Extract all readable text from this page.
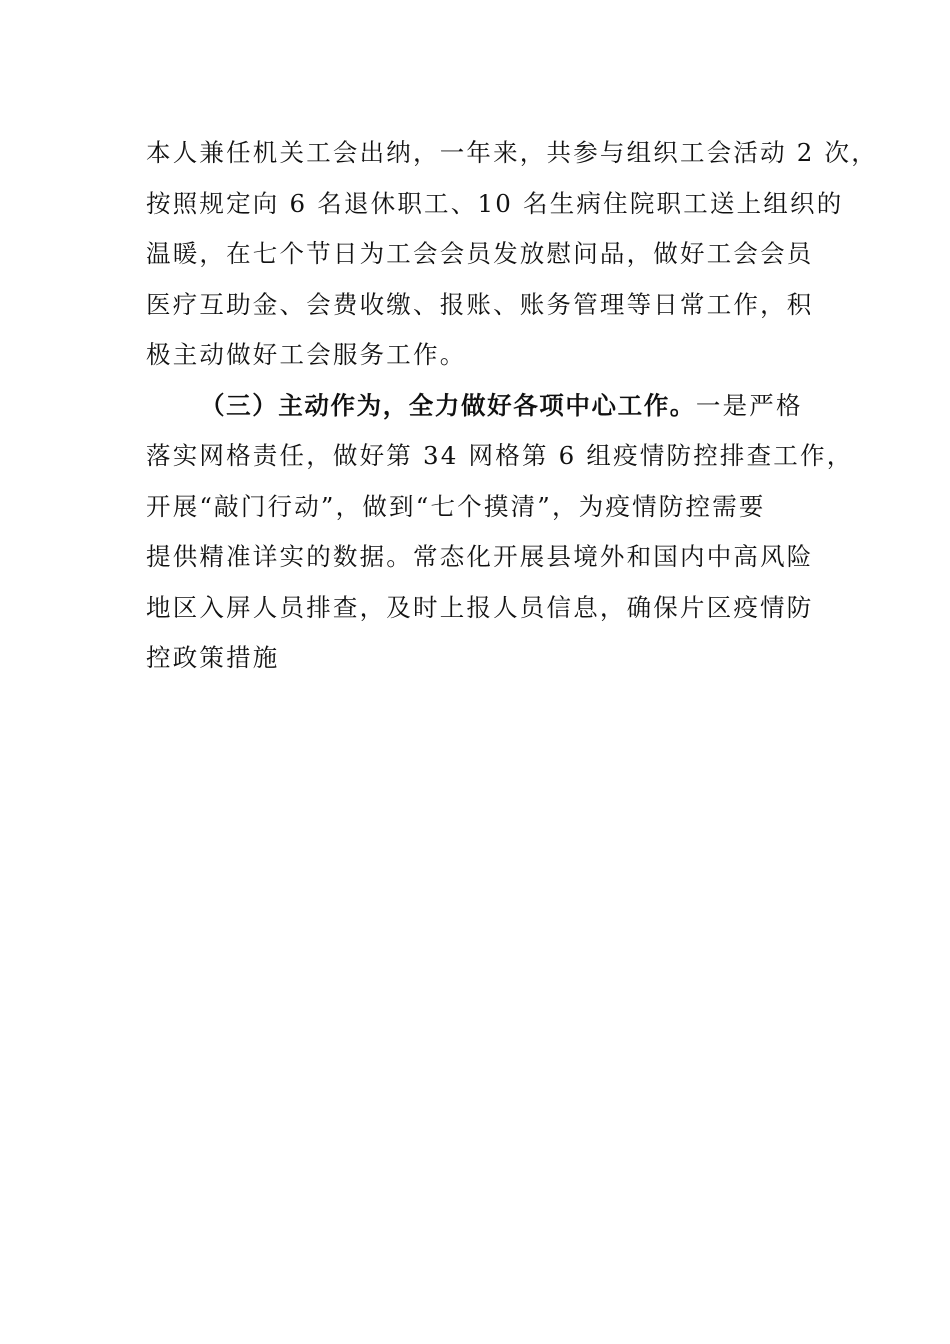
本人兼任机关工会出纳，一年来，共参与组织工会活动 2 次，
按照规定向 6 名退休职工、10 名生病住院职工送上组织的
温暖，在七个节日为工会会员发放慰问品，做好工会会员
医疗互助金、会费收缴、报账、账务管理等日常工作，积
极主动做好工会服务工作。
（三）主动作为，全力做好各项中心工作。一是严格
落实网格责任，做好第 34 网格第 6 组疫情防控排查工作，
开展“敲门行动”，做到“七个摸清”，为疫情防控需要
提供精准详实的数据。常态化开展县境外和国内中高风险
地区入屏人员排查，及时上报人员信息，确保片区疫情防
控政策措施
